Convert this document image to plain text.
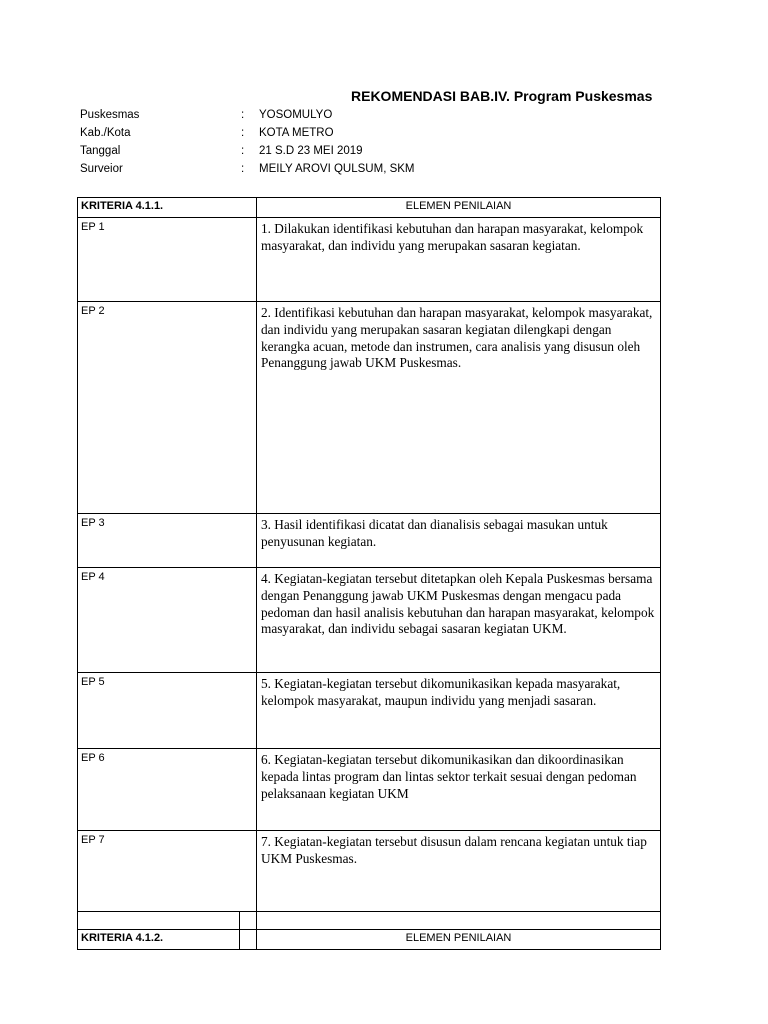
REKOMENDASI BAB.IV. Program Puskesmas
Puskesmas	: YOSOMULYO
Kab./Kota	: KOTA METRO
Tanggal	: 21 S.D 23 MEI 2019
Surveior	: MEILY AROVI QULSUM, SKM
KRITERIA 4.1.1.		ELEMEN PENILAIAN
EP 1		1. Dilakukan identifikasi kebutuhan dan harapan masyarakat, kelompok masyarakat, dan individu yang merupakan sasaran kegiatan.
EP 2		2. Identifikasi kebutuhan dan harapan masyarakat, kelompok masyarakat, dan individu yang merupakan sasaran kegiatan dilengkapi dengan kerangka acuan, metode dan instrumen, cara analisis yang disusun oleh Penanggung jawab UKM Puskesmas.
EP 3		3. Hasil identifikasi dicatat dan dianalisis sebagai masukan untuk penyusunan kegiatan.
EP 4		4. Kegiatan-kegiatan tersebut ditetapkan oleh Kepala Puskesmas bersama dengan Penanggung jawab UKM Puskesmas dengan mengacu pada pedoman dan hasil analisis kebutuhan dan harapan masyarakat, kelompok masyarakat, dan individu sebagai sasaran kegiatan UKM.
EP 5		5. Kegiatan-kegiatan tersebut dikomunikasikan kepada masyarakat, kelompok masyarakat, maupun individu yang menjadi sasaran.
EP 6		6. Kegiatan-kegiatan tersebut dikomunikasikan dan dikoordinasikan kepada lintas program dan lintas sektor terkait sesuai dengan pedoman pelaksanaan kegiatan UKM
EP 7		7. Kegiatan-kegiatan tersebut disusun dalam rencana kegiatan untuk tiap UKM Puskesmas.

KRITERIA 4.1.2.		ELEMEN PENILAIAN
